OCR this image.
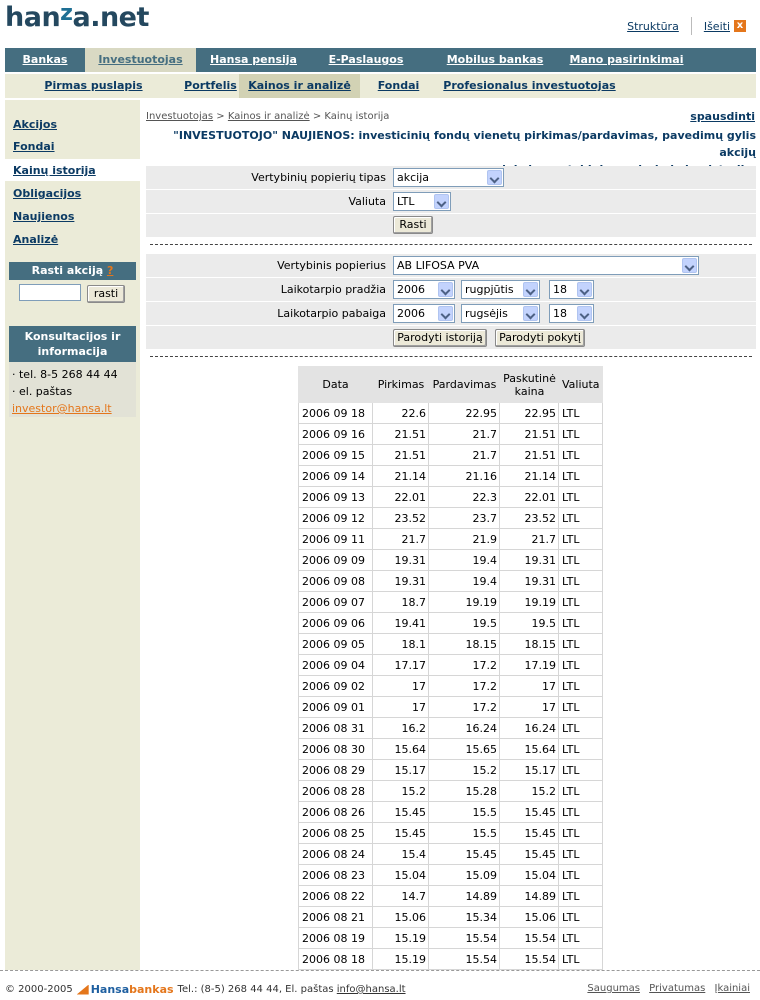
han$^z$a.net	Struktūra Išeiti x
Bankas	Investuotojas	Hansa pensija	E-Paslaugos	Mobilus bankas	Mano pasirinkimai
Pirmas puslapis	Portfelis	Kainos ir analizė	Fondai	Profesionalus investuotojas
Akcijos
Fondai
Kainų istorija
Obligacijos
Naujienos
Analizė
Rasti akciją ?
rasti
Konsultacijos ir informacija
· tel. 8-5 268 44 44
· el. paštas
investor@hansa.lt
Investuotojas > Kainos ir analizė > Kainų istorija	spausdinti
"INVESTUOTOJO" NAUJIENOS: investicinių fondų vienetų pirkimas/pardavimas, pavedimų gylis akcijų
Vertybinių popierių tipas	akcija
Valiuta	LTL
Rasti
Vertybinis popierius	AB LIFOSA PVA
Laikotarpio pradžia	2006	rugpjūtis	18
Laikotarpio pabaiga	2006	rugsėjis	18
Parodyti istoriją	Parodyti pokytį
Data	Pirkimas	Pardavimas	Paskutinė kaina	Valiuta
2006 09 18	22.6	22.95	22.95	LTL
2006 09 16	21.51	21.7	21.51	LTL
2006 09 15	21.51	21.7	21.51	LTL
2006 09 14	21.14	21.16	21.14	LTL
2006 09 13	22.01	22.3	22.01	LTL
2006 09 12	23.52	23.7	23.52	LTL
2006 09 11	21.7	21.9	21.7	LTL
2006 09 09	19.31	19.4	19.31	LTL
2006 09 08	19.31	19.4	19.31	LTL
2006 09 07	18.7	19.19	19.19	LTL
2006 09 06	19.41	19.5	19.5	LTL
2006 09 05	18.1	18.15	18.15	LTL
2006 09 04	17.17	17.2	17.19	LTL
2006 09 02	17	17.2	17	LTL
2006 09 01	17	17.2	17	LTL
2006 08 31	16.2	16.24	16.24	LTL
2006 08 30	15.64	15.65	15.64	LTL
2006 08 29	15.17	15.2	15.17	LTL
2006 08 28	15.2	15.28	15.2	LTL
2006 08 26	15.45	15.5	15.45	LTL
2006 08 25	15.45	15.5	15.45	LTL
2006 08 24	15.4	15.45	15.45	LTL
2006 08 23	15.04	15.09	15.04	LTL
2006 08 22	14.7	14.89	14.89	LTL
2006 08 21	15.06	15.34	15.06	LTL
2006 08 19	15.19	15.54	15.54	LTL
2006 08 18	15.19	15.54	15.54	LTL
© 2000-2005 Hansa bankas Tel.: (8-5) 268 44 44, El. paštas
info@hansa.lt	Saugumas Privatumas Įkainiai
